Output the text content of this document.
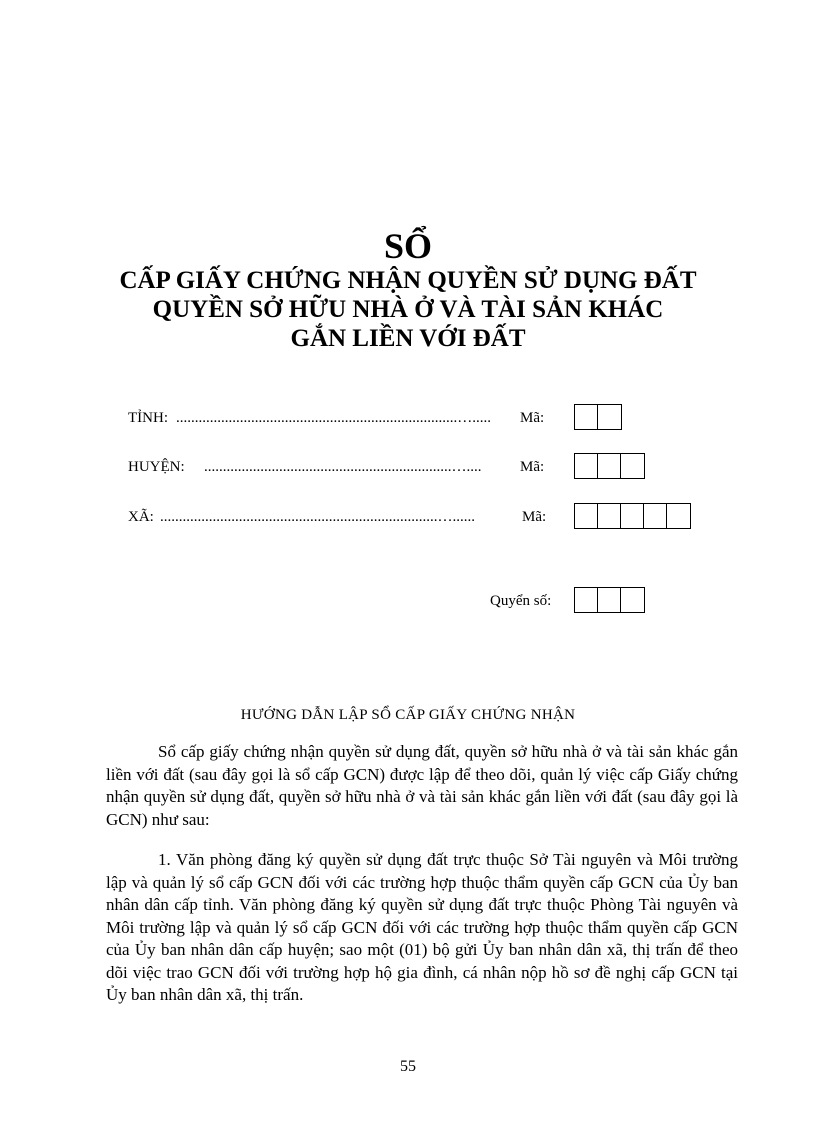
SỔ
CẤP GIẤY CHỨNG NHẬN QUYỀN SỬ DỤNG ĐẤT
QUYỀN SỞ HỮU NHÀ Ở VÀ TÀI SẢN KHÁC
GẮN LIỀN VỚI ĐẤT
TỈNH: ...........................................................................….....	Mã:
HUYỆN: ..................................................................…....	Mã:
XÃ: ..........................................................................…......	Mã:
Quyển số:
HƯỚNG DẪN LẬP SỔ CẤP GIẤY CHỨNG NHẬN

Sổ cấp giấy chứng nhận quyền sử dụng đất, quyền sở hữu nhà ở và tài sản khác gắn liền với đất (sau đây gọi là sổ cấp GCN) được lập để theo dõi, quản lý việc cấp Giấy chứng nhận quyền sử dụng đất, quyền sở hữu nhà ở và tài sản khác gắn liền với đất (sau đây gọi là GCN) như sau:

1. Văn phòng đăng ký quyền sử dụng đất trực thuộc Sở Tài nguyên và Môi trường lập và quản lý sổ cấp GCN đối với các trường hợp thuộc thẩm quyền cấp GCN của Ủy ban nhân dân cấp tỉnh. Văn phòng đăng ký quyền sử dụng đất trực thuộc Phòng Tài nguyên và Môi trường lập và quản lý sổ cấp GCN đối với các trường hợp thuộc thẩm quyền cấp GCN của Ủy ban nhân dân cấp huyện; sao một (01) bộ gửi Ủy ban nhân dân xã, thị trấn để theo dõi việc trao GCN đối với trường hợp hộ gia đình, cá nhân nộp hồ sơ đề nghị cấp GCN tại Ủy ban nhân dân xã, thị trấn.

55
